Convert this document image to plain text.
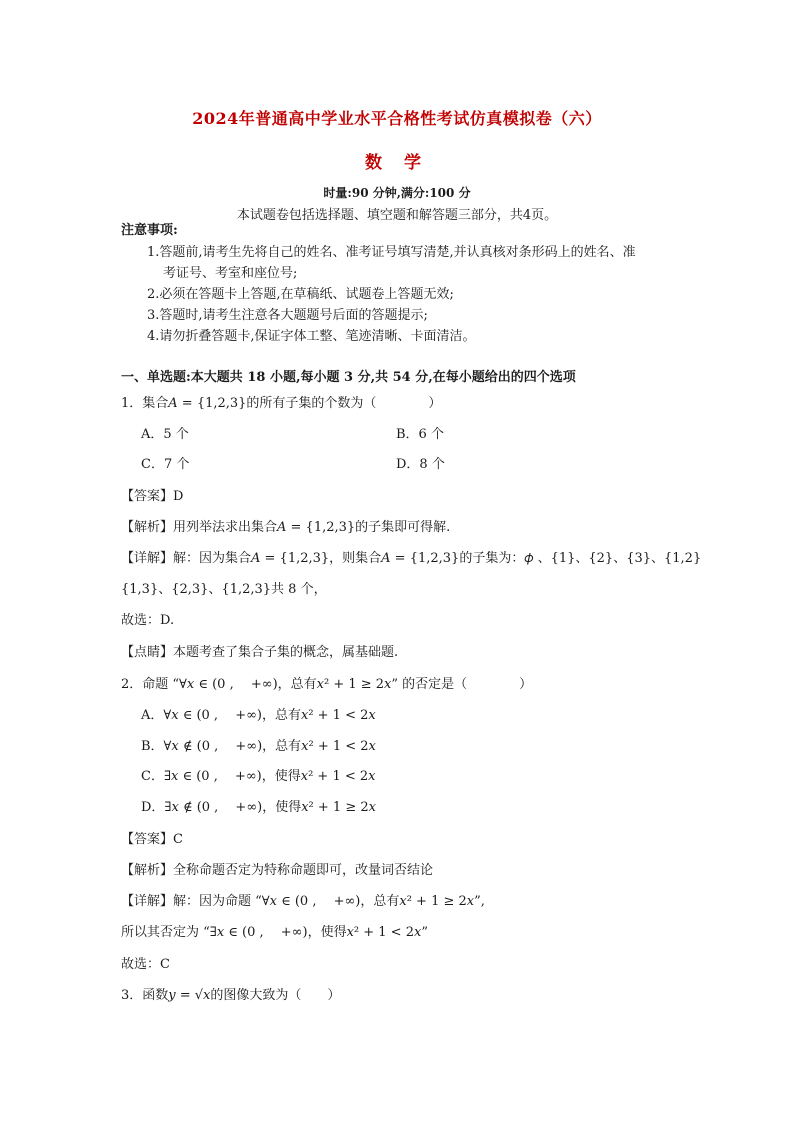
2024年普通高中学业水平合格性考试仿真模拟卷（六）
数 学
时量:90 分钟,满分:100 分
本试题卷包括选择题、填空题和解答题三部分，共4页。
注意事项:
1.答题前,请考生先将自己的姓名、准考证号填写清楚,并认真核对条形码上的姓名、准
考证号、考室和座位号;
2.必须在答题卡上答题,在草稿纸、试题卷上答题无效;
3.答题时,请考生注意各大题题号后面的答题提示;
4.请勿折叠答题卡,保证字体工整、笔迹清晰、卡面清洁。
一、单选题:本大题共 18 小题,每小题 3 分,共 54 分,在每小题给出的四个选项
1．集合𝐴 = {1,2,3}的所有子集的个数为（　　　　）
A．5 个	B．6 个
C．7 个	D．8 个
【答案】D
【解析】用列举法求出集合𝐴 = {1,2,3}的子集即可得解.
【详解】解：因为集合𝐴 = {1,2,3}，则集合𝐴 = {1,2,3}的子集为：𝜙 、{1}、{2}、{3}、{1,2}
{1,3}、{2,3}、{1,2,3}共 8 个，
故选：D.
【点睛】本题考查了集合子集的概念，属基础题.
2．命题 “∀𝑥 ∈ (0 ,　 +∞)，总有𝑥² + 1 ≥ 2𝑥” 的否定是（　　　　）
A．∀𝑥 ∈ (0 ,　 +∞)，总有𝑥² + 1 < 2𝑥
B．∀𝑥 ∉ (0 ,　 +∞)，总有𝑥² + 1 < 2𝑥
C．∃𝑥 ∈ (0 ,　 +∞)，使得𝑥² + 1 < 2𝑥
D．∃𝑥 ∉ (0 ,　 +∞)，使得𝑥² + 1 ≥ 2𝑥
【答案】C
【解析】全称命题否定为特称命题即可，改量词否结论
【详解】解：因为命题 “∀𝑥 ∈ (0 ,　 +∞)，总有𝑥² + 1 ≥ 2𝑥”,
所以其否定为 “∃𝑥 ∈ (0 ,　 +∞)，使得𝑥² + 1 < 2𝑥”
故选：C
3．函数𝑦 = √𝑥的图像大致为（　　）
